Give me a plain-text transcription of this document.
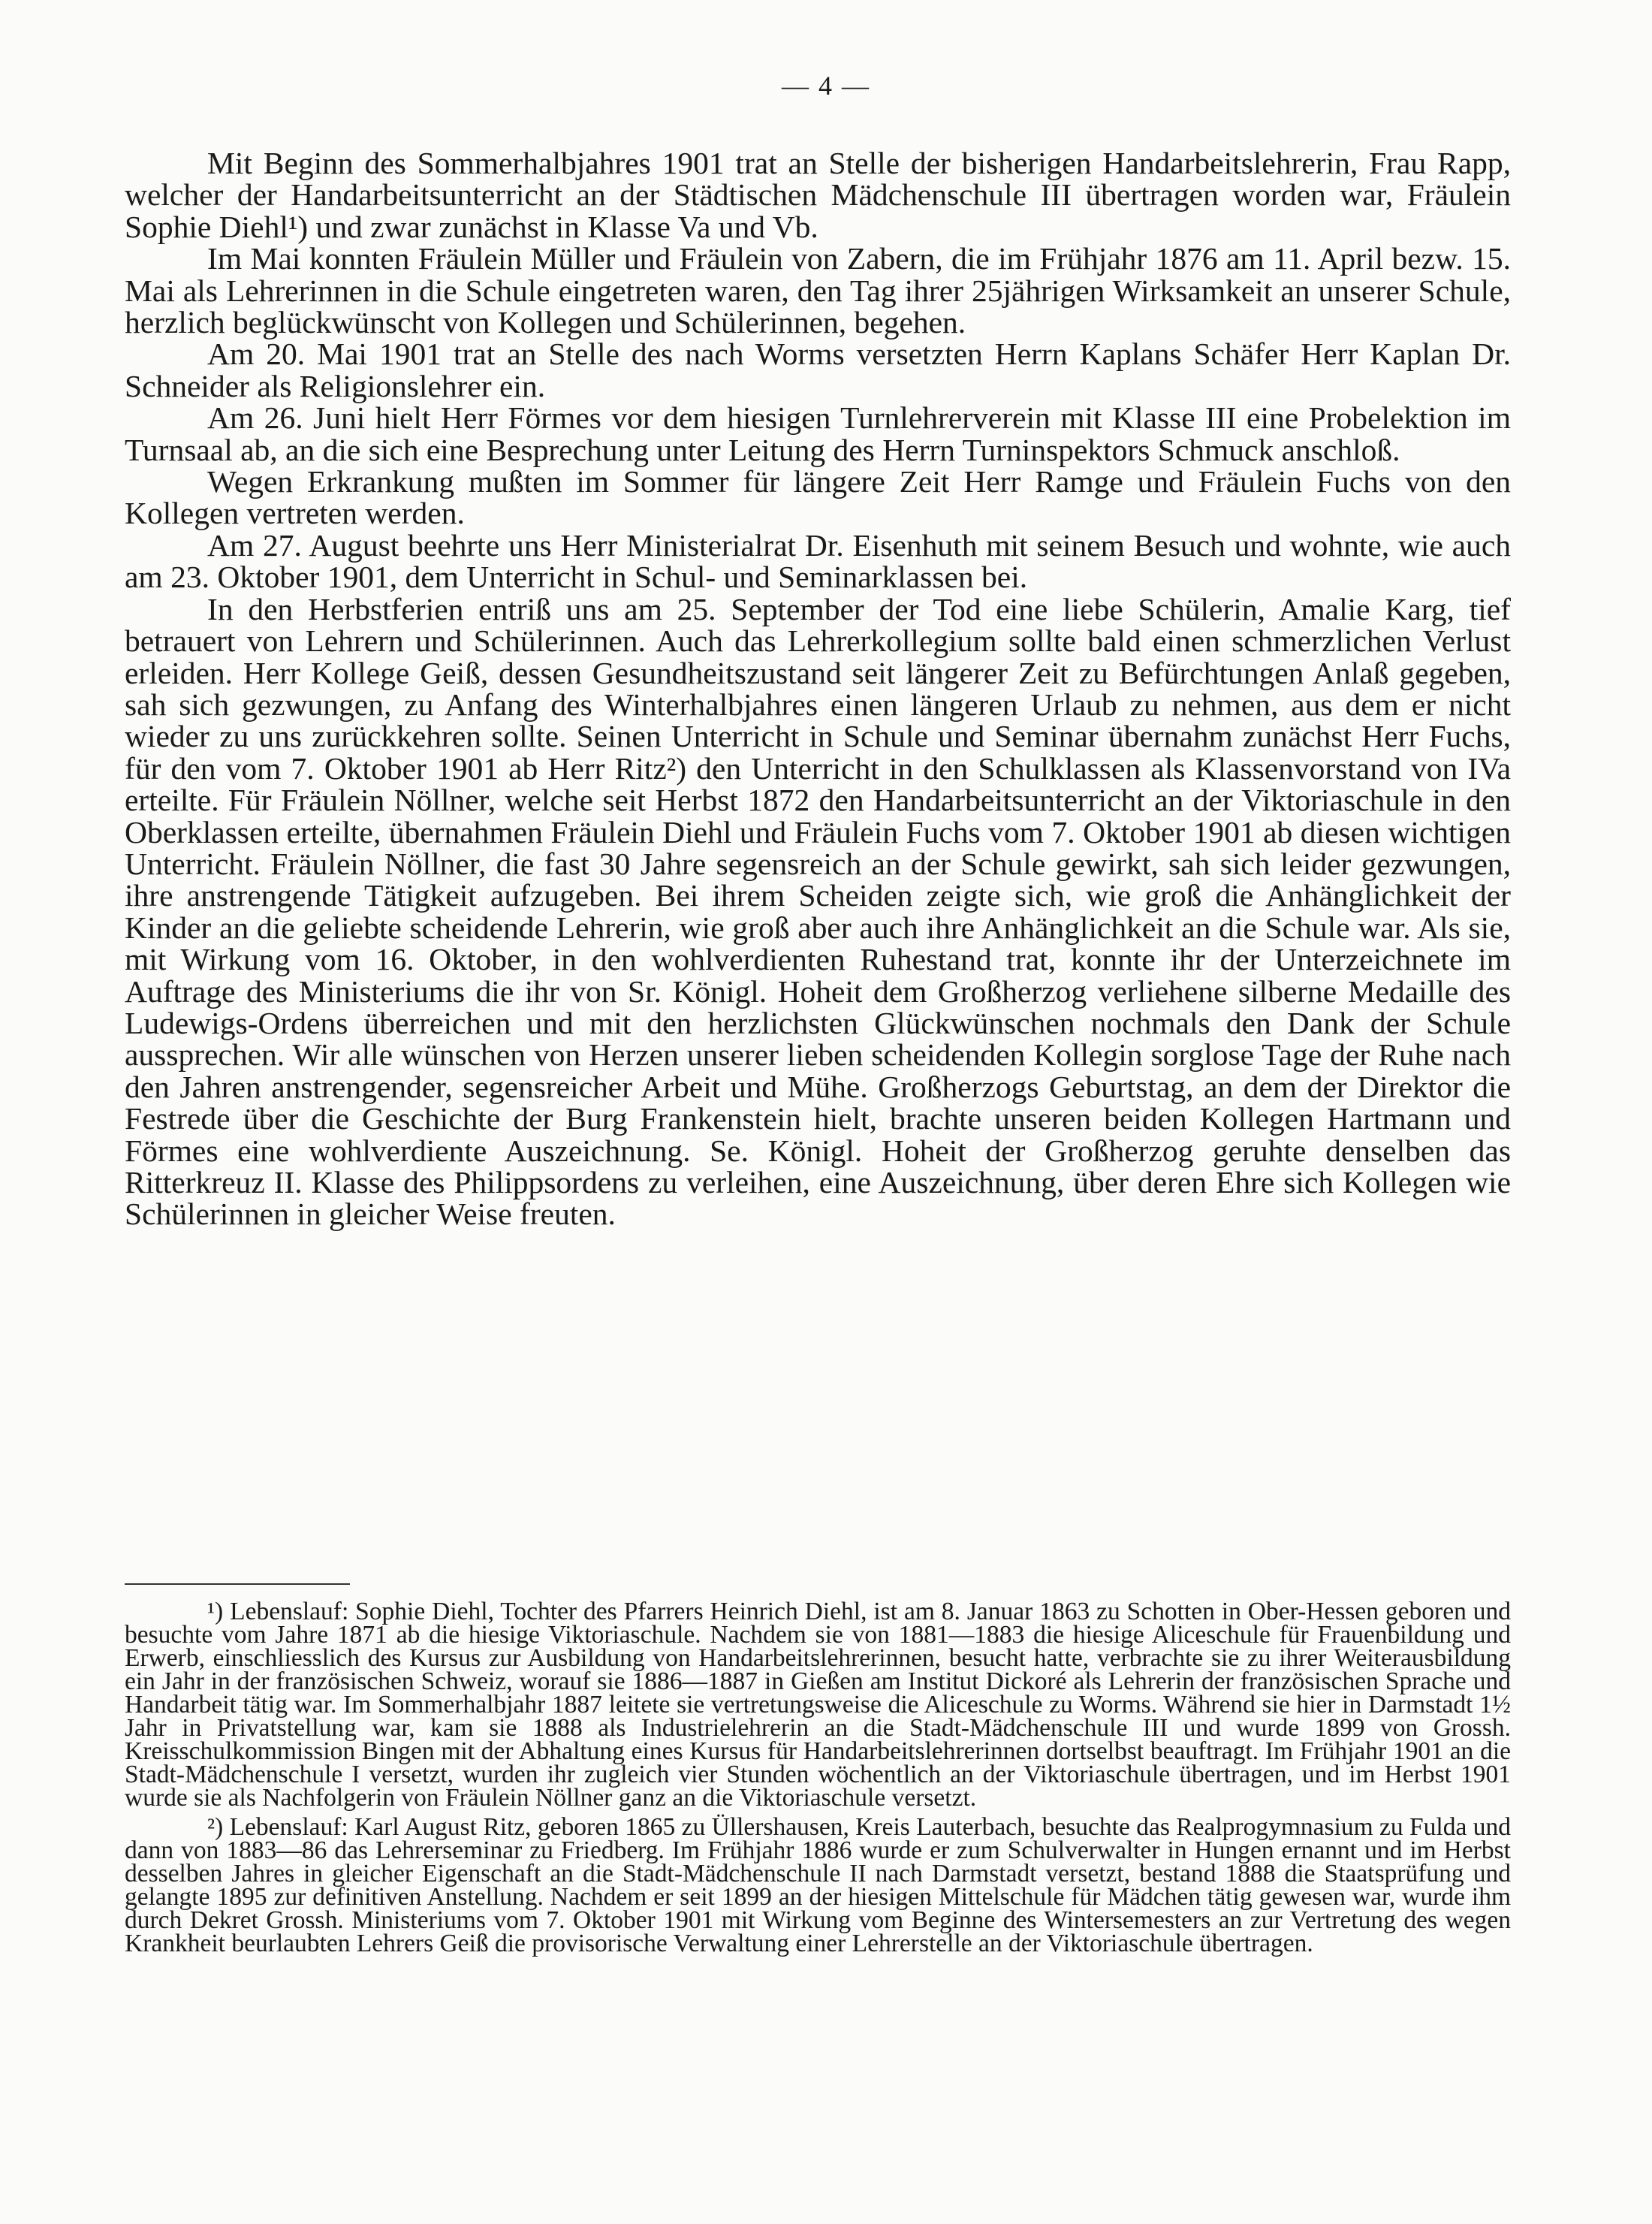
— 4 —

Mit Beginn des Sommerhalbjahres 1901 trat an Stelle der bisherigen Handarbeitslehrerin, Frau Rapp, welcher der Handarbeitsunterricht an der Städtischen Mädchenschule III übertragen worden war, Fräulein Sophie Diehl¹) und zwar zunächst in Klasse Va und Vb.

Im Mai konnten Fräulein Müller und Fräulein von Zabern, die im Frühjahr 1876 am 11. April bezw. 15. Mai als Lehrerinnen in die Schule eingetreten waren, den Tag ihrer 25jährigen Wirksamkeit an unserer Schule, herzlich beglückwünscht von Kollegen und Schülerinnen, begehen.

Am 20. Mai 1901 trat an Stelle des nach Worms versetzten Herrn Kaplans Schäfer Herr Kaplan Dr. Schneider als Religionslehrer ein.

Am 26. Juni hielt Herr Förmes vor dem hiesigen Turnlehrerverein mit Klasse III eine Probelektion im Turnsaal ab, an die sich eine Besprechung unter Leitung des Herrn Turninspektors Schmuck anschloß.

Wegen Erkrankung mußten im Sommer für längere Zeit Herr Ramge und Fräulein Fuchs von den Kollegen vertreten werden.

Am 27. August beehrte uns Herr Ministerialrat Dr. Eisenhuth mit seinem Besuch und wohnte, wie auch am 23. Oktober 1901, dem Unterricht in Schul- und Seminarklassen bei.

In den Herbstferien entriß uns am 25. September der Tod eine liebe Schülerin, Amalie Karg, tief betrauert von Lehrern und Schülerinnen. Auch das Lehrerkollegium sollte bald einen schmerzlichen Verlust erleiden. Herr Kollege Geiß, dessen Gesundheitszustand seit längerer Zeit zu Befürchtungen Anlaß gegeben, sah sich gezwungen, zu Anfang des Winterhalbjahres einen längeren Urlaub zu nehmen, aus dem er nicht wieder zu uns zurückkehren sollte. Seinen Unterricht in Schule und Seminar übernahm zunächst Herr Fuchs, für den vom 7. Oktober 1901 ab Herr Ritz²) den Unterricht in den Schulklassen als Klassenvorstand von IVa erteilte. Für Fräulein Nöllner, welche seit Herbst 1872 den Handarbeitsunterricht an der Viktoriaschule in den Oberklassen erteilte, übernahmen Fräulein Diehl und Fräulein Fuchs vom 7. Oktober 1901 ab diesen wichtigen Unterricht. Fräulein Nöllner, die fast 30 Jahre segensreich an der Schule gewirkt, sah sich leider gezwungen, ihre anstrengende Tätigkeit aufzugeben. Bei ihrem Scheiden zeigte sich, wie groß die Anhänglichkeit der Kinder an die geliebte scheidende Lehrerin, wie groß aber auch ihre Anhänglichkeit an die Schule war. Als sie, mit Wirkung vom 16. Oktober, in den wohlverdienten Ruhestand trat, konnte ihr der Unterzeichnete im Auftrage des Ministeriums die ihr von Sr. Königl. Hoheit dem Großherzog verliehene silberne Medaille des Ludewigs-Ordens überreichen und mit den herzlichsten Glückwünschen nochmals den Dank der Schule aussprechen. Wir alle wünschen von Herzen unserer lieben scheidenden Kollegin sorglose Tage der Ruhe nach den Jahren anstrengender, segensreicher Arbeit und Mühe. Großherzogs Geburtstag, an dem der Direktor die Festrede über die Geschichte der Burg Frankenstein hielt, brachte unseren beiden Kollegen Hartmann und Förmes eine wohlverdiente Auszeichnung. Se. Königl. Hoheit der Großherzog geruhte denselben das Ritterkreuz II. Klasse des Philippsordens zu verleihen, eine Auszeichnung, über deren Ehre sich Kollegen wie Schülerinnen in gleicher Weise freuten.

¹) Lebenslauf: Sophie Diehl, Tochter des Pfarrers Heinrich Diehl, ist am 8. Januar 1863 zu Schotten in Ober-Hessen geboren und besuchte vom Jahre 1871 ab die hiesige Viktoriaschule. Nachdem sie von 1881—1883 die hiesige Aliceschule für Frauenbildung und Erwerb, einschliesslich des Kursus zur Ausbildung von Handarbeitslehrerinnen, besucht hatte, verbrachte sie zu ihrer Weiterausbildung ein Jahr in der französischen Schweiz, worauf sie 1886—1887 in Gießen am Institut Dickoré als Lehrerin der französischen Sprache und Handarbeit tätig war. Im Sommerhalbjahr 1887 leitete sie vertretungsweise die Aliceschule zu Worms. Während sie hier in Darmstadt 1½ Jahr in Privatstellung war, kam sie 1888 als Industrielehrerin an die Stadt-Mädchenschule III und wurde 1899 von Grossh. Kreisschulkommission Bingen mit der Abhaltung eines Kursus für Handarbeitslehrerinnen dortselbst beauftragt. Im Frühjahr 1901 an die Stadt-Mädchenschule I versetzt, wurden ihr zugleich vier Stunden wöchentlich an der Viktoriaschule übertragen, und im Herbst 1901 wurde sie als Nachfolgerin von Fräulein Nöllner ganz an die Viktoriaschule versetzt.

²) Lebenslauf: Karl August Ritz, geboren 1865 zu Üllershausen, Kreis Lauterbach, besuchte das Realprogymnasium zu Fulda und dann von 1883—86 das Lehrerseminar zu Friedberg. Im Frühjahr 1886 wurde er zum Schulverwalter in Hungen ernannt und im Herbst desselben Jahres in gleicher Eigenschaft an die Stadt-Mädchenschule II nach Darmstadt versetzt, bestand 1888 die Staatsprüfung und gelangte 1895 zur definitiven Anstellung. Nachdem er seit 1899 an der hiesigen Mittelschule für Mädchen tätig gewesen war, wurde ihm durch Dekret Grossh. Ministeriums vom 7. Oktober 1901 mit Wirkung vom Beginne des Wintersemesters an zur Vertretung des wegen Krankheit beurlaubten Lehrers Geiß die provisorische Verwaltung einer Lehrerstelle an der Viktoriaschule übertragen.
